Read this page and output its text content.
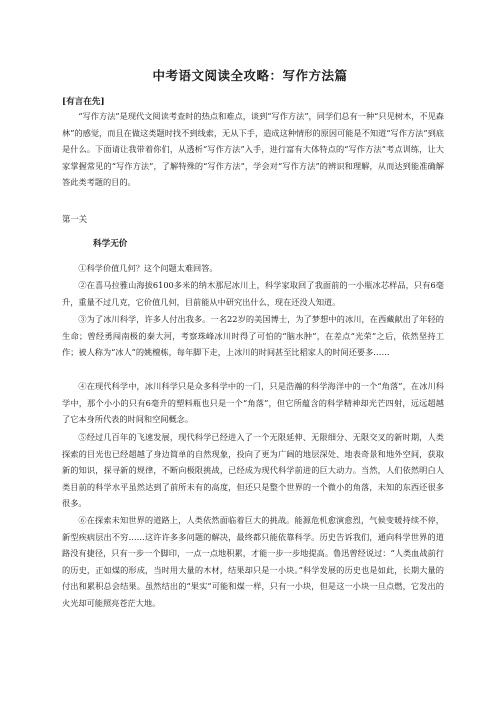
中考语文阅读全攻略：写作方法篇
[有言在先]

“写作方法”是现代文阅读考查时的热点和难点，谈到“写作方法”，同学们总有一种“只见树木，不见森林”的感觉，而且在做这类题时找不到线索，无从下手，造成这种情形的原因可能是不知道“写作方法”到底是什么。下面请让我带着你们，从透析“写作方法”入手，进行富有大体特点的“写作方法”考点训练，让大家掌握常见的“写作方法”，了解特殊的“写作方法”，学会对“写作方法”的辨识和理解，从而达到能准确解答此类考题的目的。

第一关
科学无价

①科学价值几何？这个问题太难回答。

②在喜马拉雅山海拔6100多米的纳木那尼冰川上，科学家取回了我面前的一小瓶冰芯样品，只有6毫升，重量不过几克，它价值几何，目前能从中研究出什么，现在还没人知道。

③为了冰川科学，许多人付出我多。一名22岁的美国博士，为了梦想中的冰川，在西藏献出了年轻的生命；曾经勇闯南极的秦大河，考察珠峰冰川时得了可怕的“脑水肿”，在差点“光荣”之后，依然坚持工作；被人称为“冰人”的姚檀栋，每年脚下走，上冰川的时间甚至比稻家人的时间还要多……

④在现代科学中，冰川科学只是众多科学中的一门，只是浩瀚的科学海洋中的一个“角落”，在冰川科学中，那个小小的只有6毫升的塑料瓶也只是一个“角落”，但它所蕴含的科学精神却光芒四射，远远超越了它本身所代表的时间和空间概念。

⑤经过几百年的飞速发展，现代科学已经进入了一个无限延伸、无限细分、无限交叉的新时期，人类探索的目光也已经超越了身边简单的自然现象，投向了更为广阔的地层深处、地表奇景和地外空间，获取新的知识，探寻新的规律，不断向极限挑战，已经成为现代科学前进的巨大动力。当然，人们依然明白人类目前的科学水平虽然达到了前所未有的高度，但还只是整个世界的一个微小的角落，未知的东西还很多很多。

⑥在探索未知世界的道路上，人类依然面临着巨大的挑战。能源危机愈演愈烈，气候变暖持续不停，新型疾病层出不穷……这许许多多问题的解决，最终都只能依靠科学。历史告诉我们，通向科学世界的道路没有捷径，只有一步一个脚印，一点一点地积累，才能一步一步地提高。鲁迅曾经说过：“人类血战前行的历史，正如煤的形成，当时用大量的木材，结果却只是一小块。”科学发展的历史也是如此，长期大量的付出和累积总会结果。虽然结出的“果实”可能和煤一样，只有一小块，但是这一小块一旦点燃，它发出的火光却可能照亮苍茫大地。
